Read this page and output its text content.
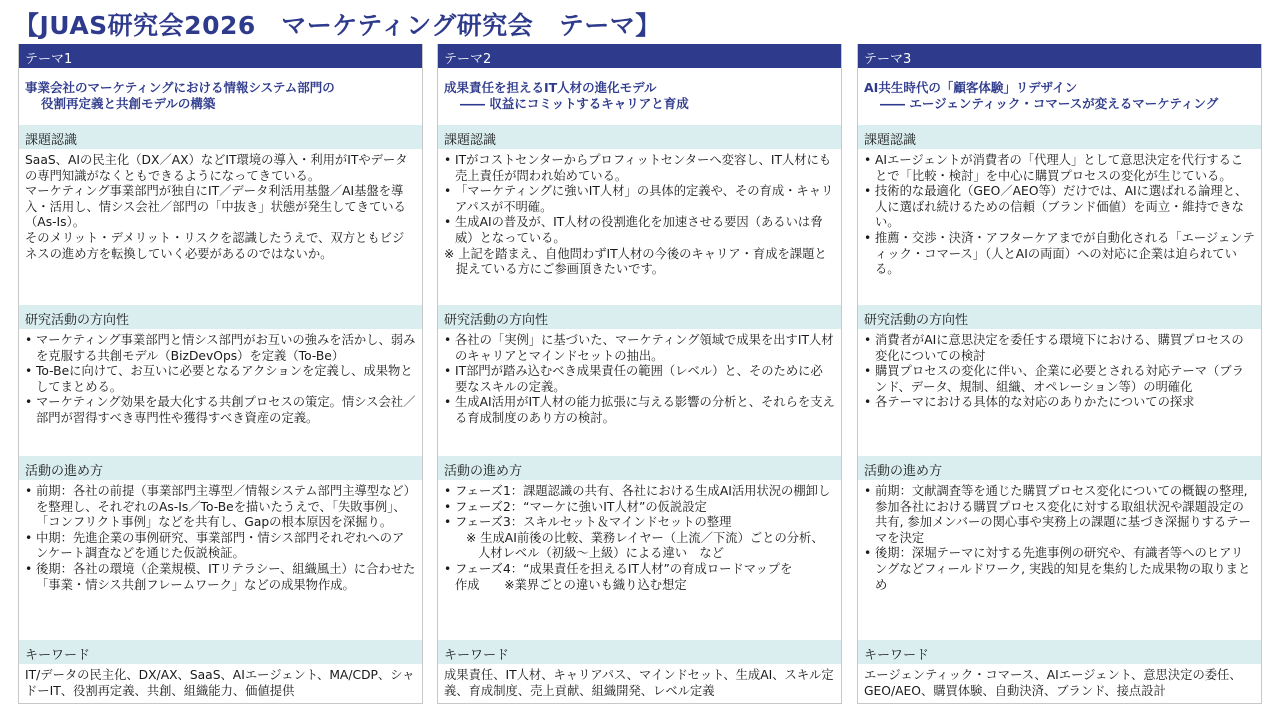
【JUAS研究会2026　マーケティング研究会　テーマ】
テーマ1
事業会社のマーケティングにおける情報システム部門の
役割再定義と共創モデルの構築
課題認識

SaaS、AIの民主化（DX／AX）などIT環境の導入・利用がITやデータの専門知識がなくともできるようになってきている。

マーケティング事業部門が独自にIT／データ利活用基盤／AI基盤を導入・活用し、情シス会社／部門の「中抜き」状態が発生してきている（As-Is）。

そのメリット・デメリット・リスクを認識したうえで、双方ともビジネスの進め方を転換していく必要があるのではないか。

研究活動の方向性
• マーケティング事業部門と情シス部門がお互いの強みを活かし、弱みを克服する共創モデル（BizDevOps）を定義（To-Be）
• To-Beに向けて、お互いに必要となるアクションを定義し、成果物としてまとめる。
• マーケティング効果を最大化する共創プロセスの策定。情シス会社／部門が習得すべき専門性や獲得すべき資産の定義。
活動の進め方
• 前期：各社の前提（事業部門主導型／情報システム部門主導型など）を整理し、それぞれのAs-Is／To-Beを描いたうえで、「失敗事例」、「コンフリクト事例」などを共有し、Gapの根本原因を深掘り。
• 中期：先進企業の事例研究、事業部門・情シス部門それぞれへのアンケート調査などを通じた仮説検証。
• 後期：各社の環境（企業規模、ITリテラシー、組織風土）に合わせた「事業・情シス共創フレームワーク」などの成果物作成。
キーワード
IT/データの民主化、DX/AX、SaaS、AIエージェント、MA/CDP、シャドーIT、役割再定義、共創、組織能力、価値提供
テーマ2
成果責任を担えるIT人材の進化モデル
―― 収益にコミットするキャリアと育成
課題認識
• ITがコストセンターからプロフィットセンターへ変容し、IT人材にも売上責任が問われ始めている。
• 「マーケティングに強いIT人材」の具体的定義や、その育成・キャリアパスが不明確。
• 生成AIの普及が、IT人材の役割進化を加速させる要因（あるいは脅威）となっている。

※ 上記を踏まえ、自他問わずIT人材の今後のキャリア・育成を課題と捉えている方にご参画頂きたいです。

研究活動の方向性
• 各社の「実例」に基づいた、マーケティング領域で成果を出すIT人材のキャリアとマインドセットの抽出。
• IT部門が踏み込むべき成果責任の範囲（レベル）と、そのために必要なスキルの定義。
• 生成AI活用がIT人材の能力拡張に与える影響の分析と、それらを支える育成制度のあり方の検討。
活動の進め方
• フェーズ1：課題認識の共有、各社における生成AI活用状況の棚卸し
• フェーズ2：“マーケに強いIT人材”の仮説設定
• フェーズ3：スキルセット＆マインドセットの整理

※ 生成AI前後の比較、業務レイヤー（上流／下流）ごとの分析、

人材レベル（初級～上級）による違い　など

• フェーズ4：“成果責任を担えるIT人材”の育成ロードマップを
作成　　※業界ごとの違いも織り込む想定
キーワード
成果責任、IT人材、キャリアパス、マインドセット、生成AI、スキル定義、育成制度、売上貢献、組織開発、レベル定義
テーマ3
AI共生時代の「顧客体験」リデザイン
―― エージェンティック・コマースが変えるマーケティング
課題認識
• AIエージェントが消費者の「代理人」として意思決定を代行することで「比較・検討」を中心に購買プロセスの変化が生じている。
• 技術的な最適化（GEO／AEO等）だけでは、AIに選ばれる論理と、人に選ばれ続けるための信頼（ブランド価値）を両立・維持できない。
• 推薦・交渉・決済・アフターケアまでが自動化される「エージェンティック・コマース」（人とAIの両面）への対応に企業は迫られている。
研究活動の方向性
• 消費者がAIに意思決定を委任する環境下における、購買プロセスの変化についての検討
• 購買プロセスの変化に伴い、企業に必要とされる対応テーマ（ブランド、データ、規制、組織、オペレーション等）の明確化
• 各テーマにおける具体的な対応のありかたについての探求
活動の進め方
• 前期：文献調査等を通じた購買プロセス変化についての概観の整理, 参加各社における購買プロセス変化に対する取組状況や課題設定の共有, 参加メンバーの関心事や実務上の課題に基づき深掘りするテーマを決定
• 後期：深堀テーマに対する先進事例の研究や、有識者等へのヒアリングなどフィールドワーク, 実践的知見を集約した成果物の取りまとめ
キーワード
エージェンティック・コマース、AIエージェント、意思決定の委任、GEO/AEO、購買体験、自動決済、ブランド、接点設計
